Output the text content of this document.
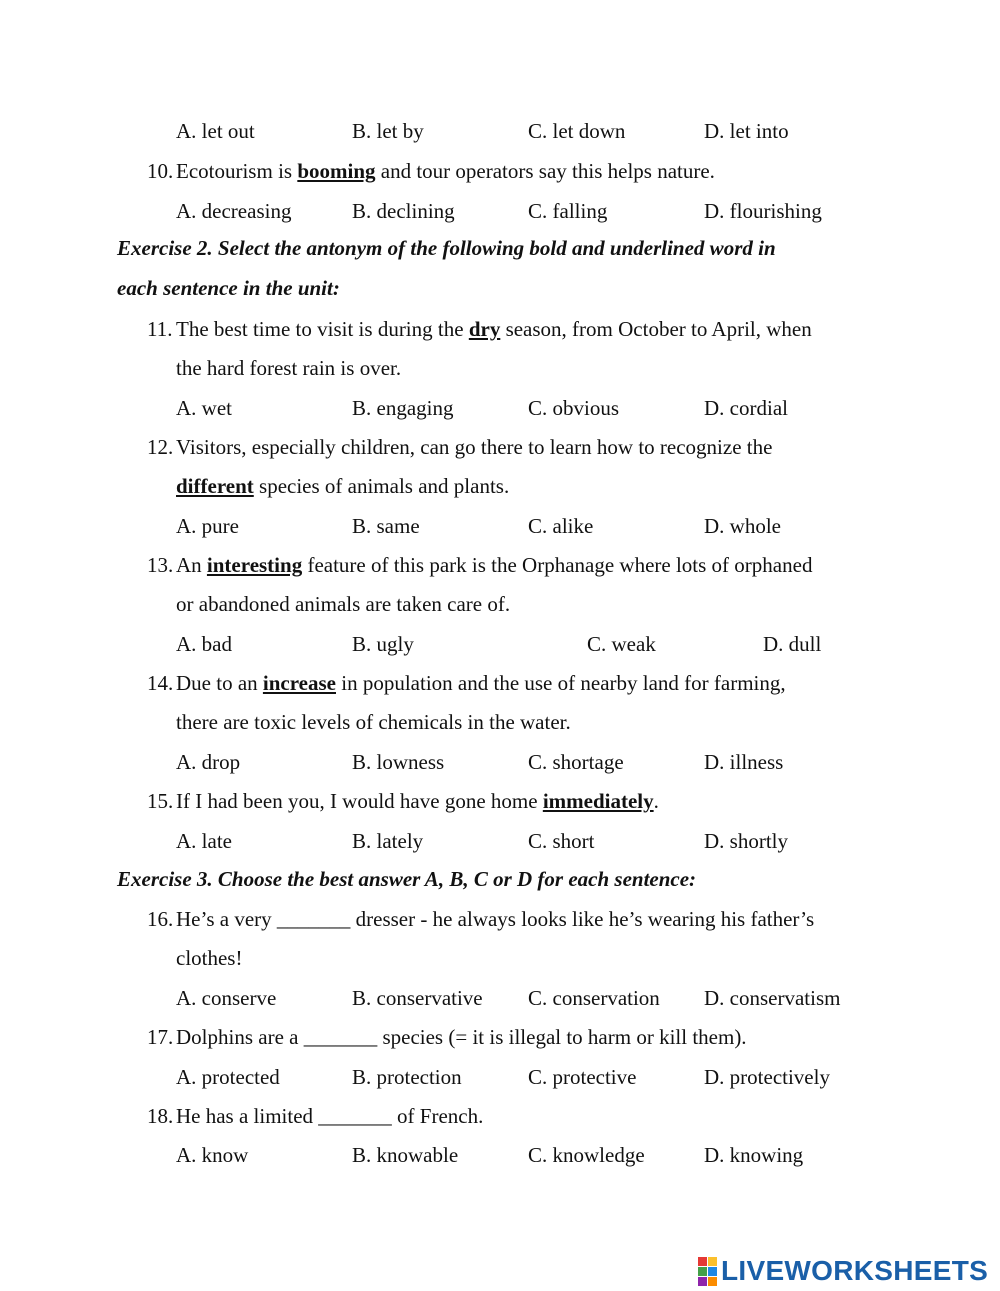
A. let out	B. let by	C. let down	D. let into
10. Ecotourism is booming and tour operators say this helps nature.
A. decreasing	B. declining	C. falling	D. flourishing
Exercise 2. Select the antonym of the following bold and underlined word in
each sentence in the unit:
11. The best time to visit is during the dry season, from October to April, when
the hard forest rain is over.
A. wet	B. engaging	C. obvious	D. cordial
12. Visitors, especially children, can go there to learn how to recognize the
different species of animals and plants.
A. pure	B. same	C. alike	D. whole
13. An interesting feature of this park is the Orphanage where lots of orphaned
or abandoned animals are taken care of.
A. bad	B. ugly	C. weak	D. dull
14. Due to an increase in population and the use of nearby land for farming,
there are toxic levels of chemicals in the water.
A. drop	B. lowness	C. shortage	D. illness
15. If I had been you, I would have gone home immediately.
A. late	B. lately	C. short	D. shortly
Exercise 3. Choose the best answer A, B, C or D for each sentence:
16. He’s a very _______ dresser - he always looks like he’s wearing his father’s
clothes!
A. conserve	B. conservative C. conservation D. conservatism
17. Dolphins are a _______ species (= it is illegal to harm or kill them).
A. protected	B. protection	C. protective	D. protectively
18. He has a limited _______ of French.
A. know	B. knowable	C. knowledge	D. knowing
LIVEWORKSHEETS
